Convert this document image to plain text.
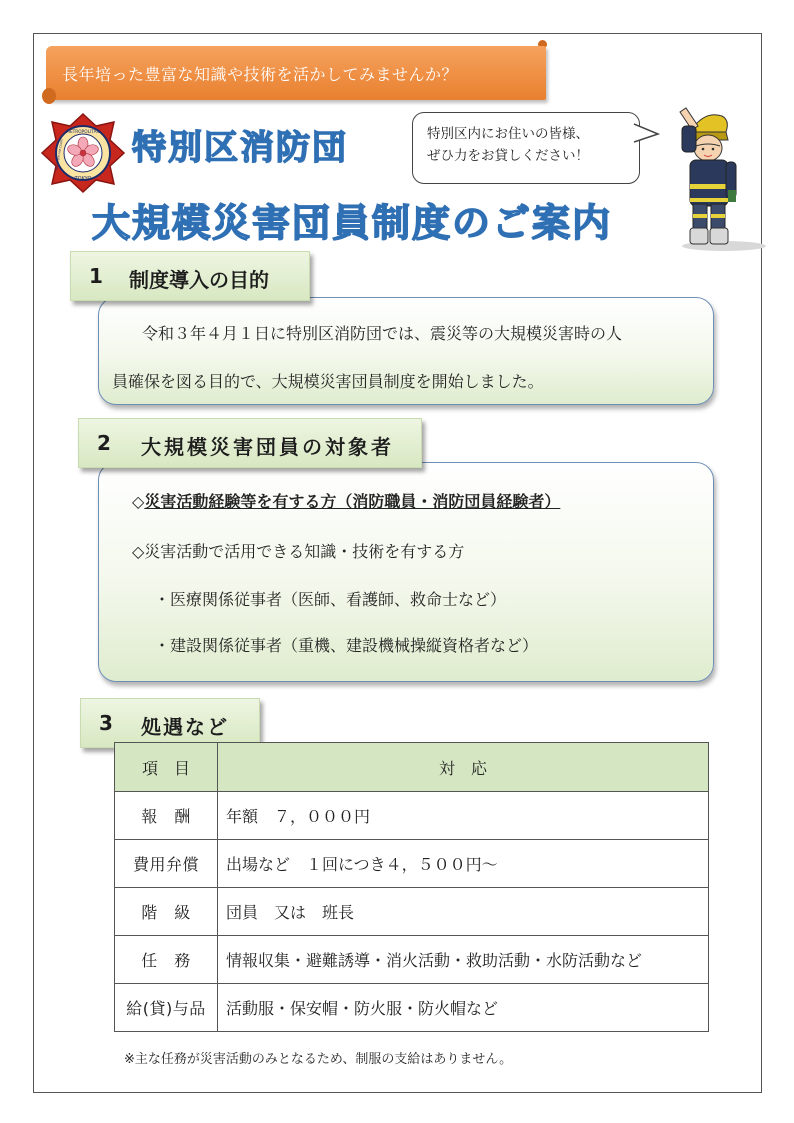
長年培った豊富な知識や技術を活かしてみませんか？
METROPOLITAN
TOKYO
VOLUNTEER FIRE CORPS 特別区消防団
大規模災害団員制度のご案内
特別区内にお住いの皆様、
ぜひ力をお貸しください！
1 制度導入の目的
令和３年４月１日に特別区消防団では、震災等の大規模災害時の人
員確保を図る目的で、大規模災害団員制度を開始しました。
2 大規模災害団員の対象者
◇災害活動経験等を有する方（消防職員・消防団員経験者）
◇災害活動で活用できる知識・技術を有する方
・医療関係従事者（医師、看護師、救命士など）
・建設関係従事者（重機、建設機械操縦資格者など）
3 処遇など
項　目	対　応
報　酬	年額　７，０００円
費用弁償	出場など　１回につき４，５００円～
階　級	団員　又は　班長
任　務	情報収集・避難誘導・消火活動・救助活動・水防活動など
給(貸)与品	活動服・保安帽・防火服・防火帽など
※主な任務が災害活動のみとなるため、制服の支給はありません。
